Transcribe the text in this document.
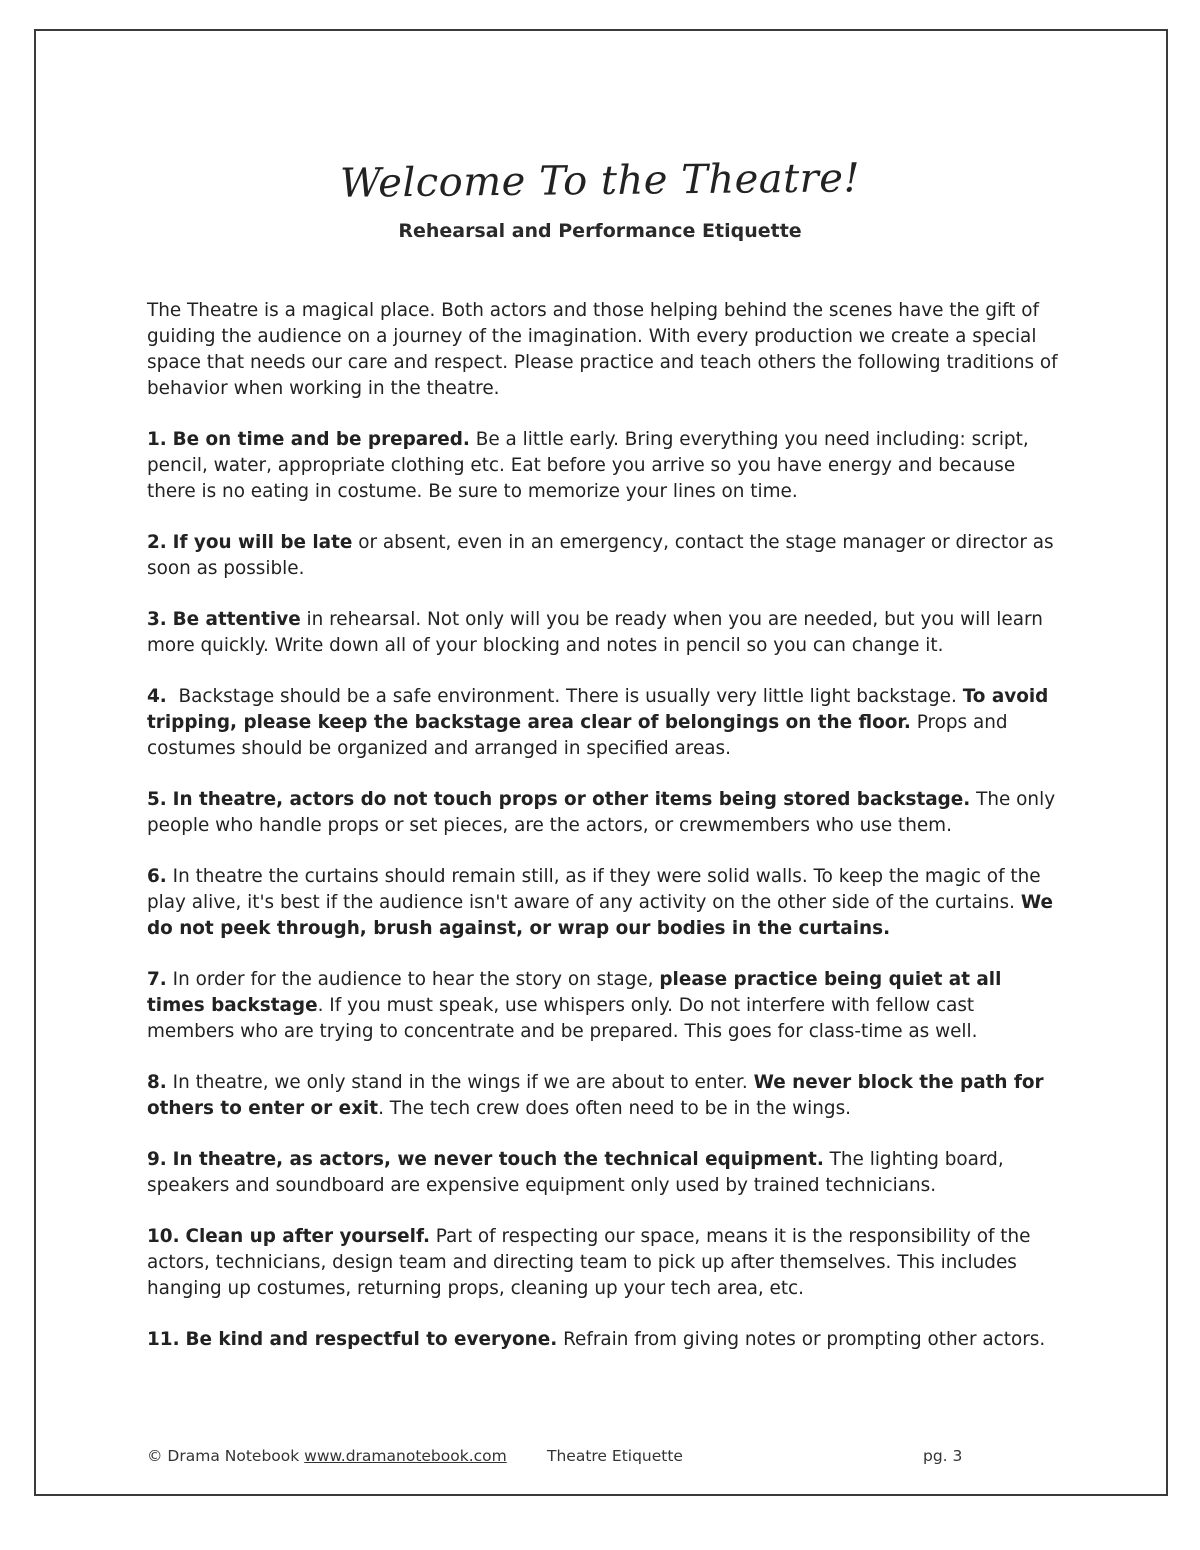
Welcome To the Theatre!
Rehearsal and Performance Etiquette

The Theatre is a magical place. Both actors and those helping behind the scenes have the gift of guiding the audience on a journey of the imagination. With every production we create a special space that needs our care and respect. Please practice and teach others the following traditions of behavior when working in the theatre.

1. Be on time and be prepared. Be a little early. Bring everything you need including: script, pencil, water, appropriate clothing etc. Eat before you arrive so you have energy and because there is no eating in costume. Be sure to memorize your lines on time.

2. If you will be late or absent, even in an emergency, contact the stage manager or director as soon as possible.

3. Be attentive in rehearsal. Not only will you be ready when you are needed, but you will learn more quickly. Write down all of your blocking and notes in pencil so you can change it.

4.  Backstage should be a safe environment. There is usually very little light backstage. To avoid tripping, please keep the backstage area clear of belongings on the floor. Props and costumes should be organized and arranged in specified areas.

5. In theatre, actors do not touch props or other items being stored backstage. The only people who handle props or set pieces, are the actors, or crewmembers who use them.

6. In theatre the curtains should remain still, as if they were solid walls. To keep the magic of the play alive, it's best if the audience isn't aware of any activity on the other side of the curtains. We do not peek through, brush against, or wrap our bodies in the curtains.

7. In order for the audience to hear the story on stage, please practice being quiet at all times backstage. If you must speak, use whispers only. Do not interfere with fellow cast members who are trying to concentrate and be prepared. This goes for class-time as well.

8. In theatre, we only stand in the wings if we are about to enter. We never block the path for others to enter or exit. The tech crew does often need to be in the wings.

9. In theatre, as actors, we never touch the technical equipment. The lighting board, speakers and soundboard are expensive equipment only used by trained technicians.

10. Clean up after yourself. Part of respecting our space, means it is the responsibility of the actors, technicians, design team and directing team to pick up after themselves. This includes hanging up costumes, returning props, cleaning up your tech area, etc.

11. Be kind and respectful to everyone. Refrain from giving notes or prompting other actors.

© Drama Notebook www.dramanotebook.com	Theatre Etiquette	pg. 3
